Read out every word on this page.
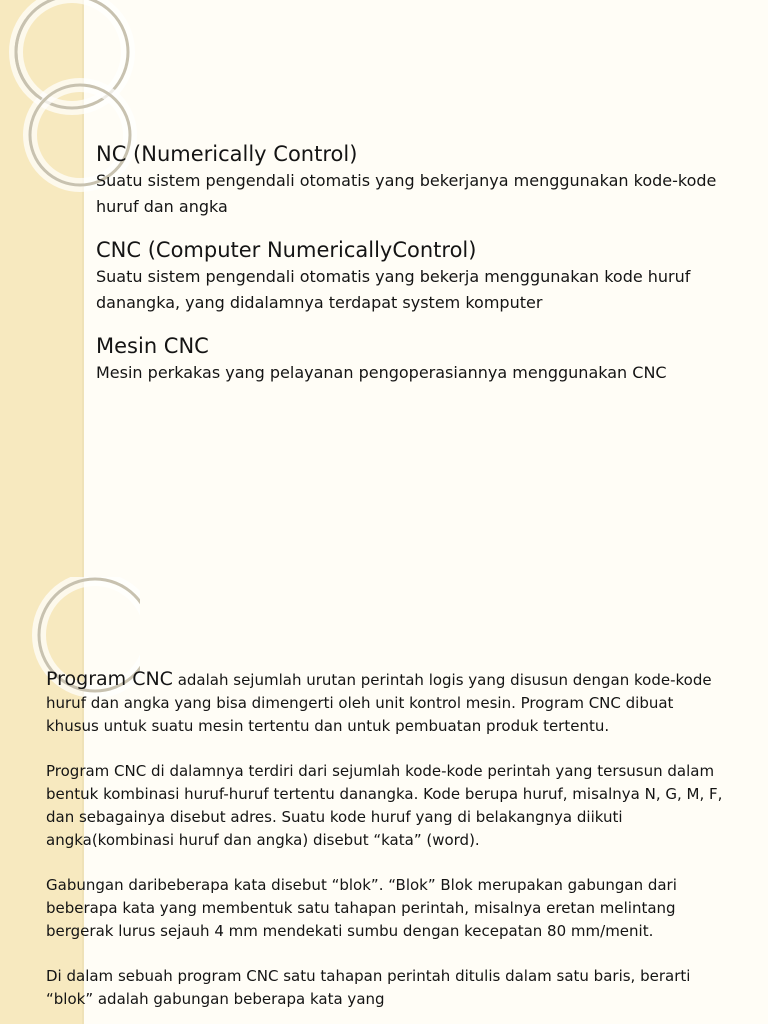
NC (Numerically Control)

Suatu sistem pengendali otomatis yang bekerjanya menggunakan kode-kode huruf dan angka

CNC (Computer NumericallyControl)

Suatu sistem pengendali otomatis yang bekerja menggunakan kode huruf danangka, yang didalamnya terdapat system komputer

Mesin CNC

Mesin perkakas yang pelayanan pengoperasiannya menggunakan CNC

Program CNC adalah sejumlah urutan perintah logis yang disusun dengan kode-kode huruf dan angka yang bisa dimengerti oleh unit kontrol mesin. Program CNC dibuat khusus untuk suatu mesin tertentu dan untuk pembuatan produk tertentu.

Program CNC di dalamnya terdiri dari sejumlah kode-kode perintah yang tersusun dalam bentuk kombinasi huruf-huruf tertentu danangka. Kode berupa huruf, misalnya N, G, M, F, dan sebagainya disebut adres. Suatu kode huruf yang di belakangnya diikuti angka(kombinasi huruf dan angka) disebut “kata” (word).

Gabungan daribeberapa kata disebut “blok”. “Blok” Blok merupakan gabungan dari beberapa kata yang membentuk satu tahapan perintah, misalnya eretan melintang bergerak lurus sejauh 4 mm mendekati sumbu dengan kecepatan 80 mm/menit.

Di dalam sebuah program CNC satu tahapan perintah ditulis dalam satu baris, berarti “blok” adalah gabungan beberapa kata yang
